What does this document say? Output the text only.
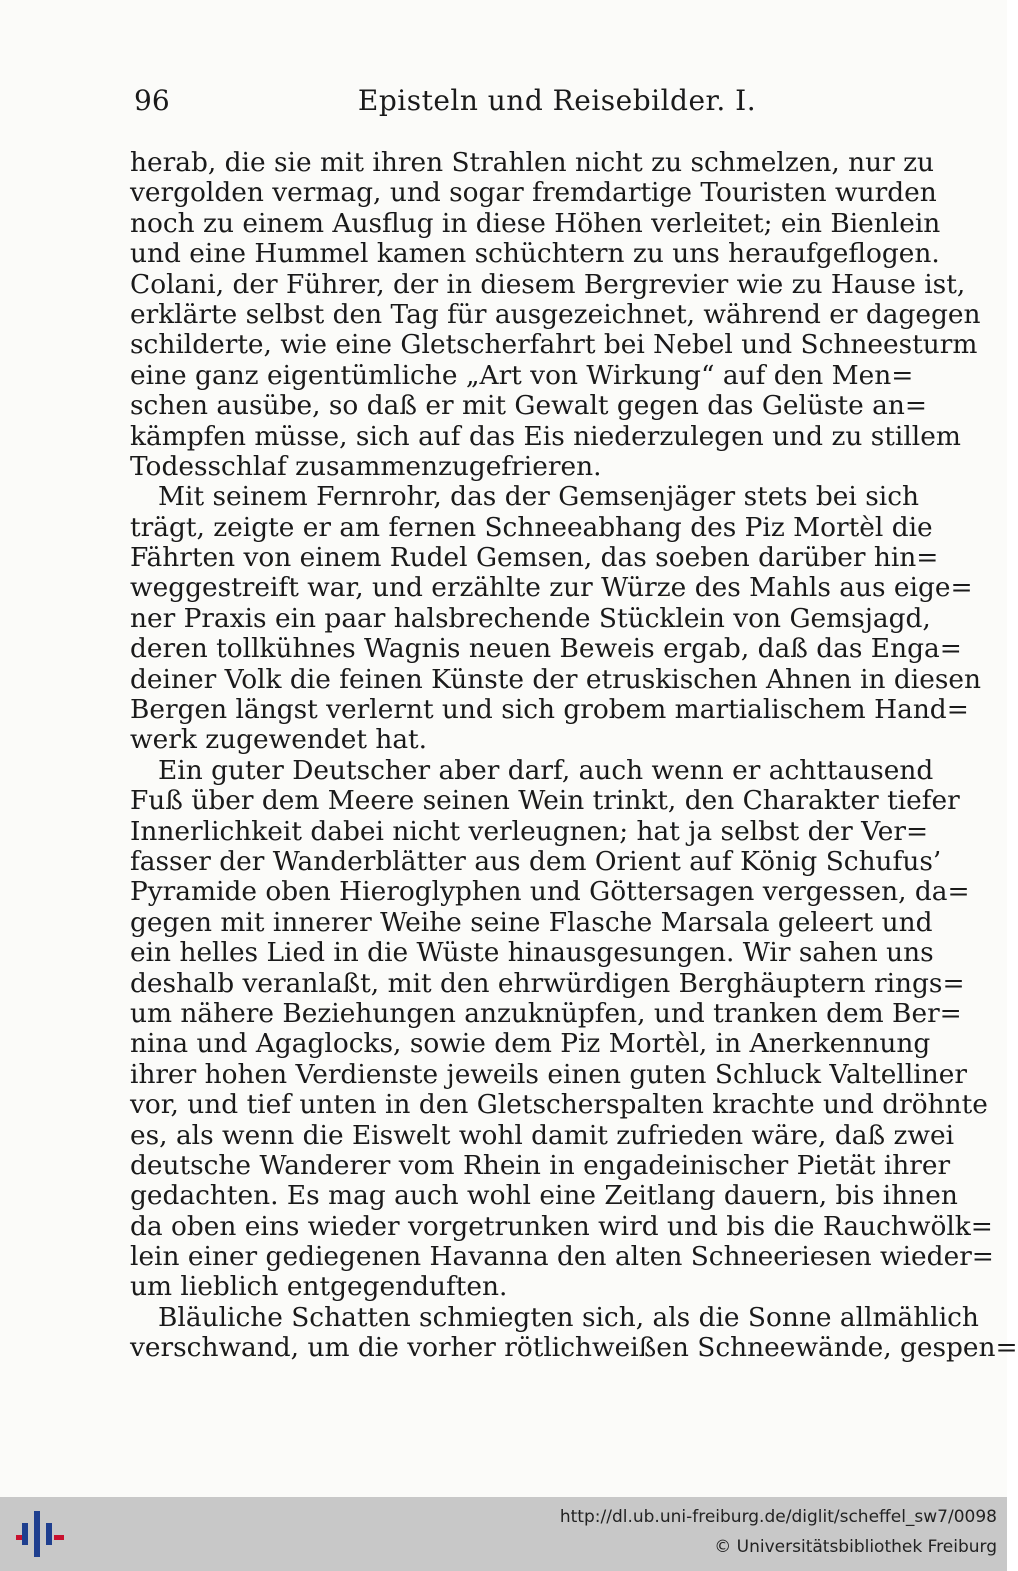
96	Episteln und Reisebilder. I.
herab, die sie mit ihren Strahlen nicht zu schmelzen, nur zu
vergolden vermag, und sogar fremdartige Touristen wurden
noch zu einem Ausflug in diese Höhen verleitet; ein Bienlein
und eine Hummel kamen schüchtern zu uns heraufgeflogen.
Colani, der Führer, der in diesem Bergrevier wie zu Hause ist,
erklärte selbst den Tag für ausgezeichnet, während er dagegen
schilderte, wie eine Gletscherfahrt bei Nebel und Schneesturm
eine ganz eigentümliche „Art von Wirkung“ auf den Men=
schen ausübe, so daß er mit Gewalt gegen das Gelüste an=
kämpfen müsse, sich auf das Eis niederzulegen und zu stillem
Todesschlaf zusammenzugefrieren.
Mit seinem Fernrohr, das der Gemsenjäger stets bei sich
trägt, zeigte er am fernen Schneeabhang des Piz Mortèl die
Fährten von einem Rudel Gemsen, das soeben darüber hin=
weggestreift war, und erzählte zur Würze des Mahls aus eige=
ner Praxis ein paar halsbrechende Stücklein von Gemsjagd,
deren tollkühnes Wagnis neuen Beweis ergab, daß das Enga=
deiner Volk die feinen Künste der etruskischen Ahnen in diesen
Bergen längst verlernt und sich grobem martialischem Hand=
werk zugewendet hat.
Ein guter Deutscher aber darf, auch wenn er achttausend
Fuß über dem Meere seinen Wein trinkt, den Charakter tiefer
Innerlichkeit dabei nicht verleugnen; hat ja selbst der Ver=
fasser der Wanderblätter aus dem Orient auf König Schufus’
Pyramide oben Hieroglyphen und Göttersagen vergessen, da=
gegen mit innerer Weihe seine Flasche Marsala geleert und
ein helles Lied in die Wüste hinausgesungen. Wir sahen uns
deshalb veranlaßt, mit den ehrwürdigen Berghäuptern rings=
um nähere Beziehungen anzuknüpfen, und tranken dem Ber=
nina und Agaglocks, sowie dem Piz Mortèl, in Anerkennung
ihrer hohen Verdienste jeweils einen guten Schluck Valtelliner
vor, und tief unten in den Gletscherspalten krachte und dröhnte
es, als wenn die Eiswelt wohl damit zufrieden wäre, daß zwei
deutsche Wanderer vom Rhein in engadeinischer Pietät ihrer
gedachten. Es mag auch wohl eine Zeitlang dauern, bis ihnen
da oben eins wieder vorgetrunken wird und bis die Rauchwölk=
lein einer gediegenen Havanna den alten Schneeriesen wieder=
um lieblich entgegenduften.
Bläuliche Schatten schmiegten sich, als die Sonne allmählich
verschwand, um die vorher rötlichweißen Schneewände, gespen=
http://dl.ub.uni-freiburg.de/diglit/scheffel_sw7/0098
© Universitätsbibliothek Freiburg
